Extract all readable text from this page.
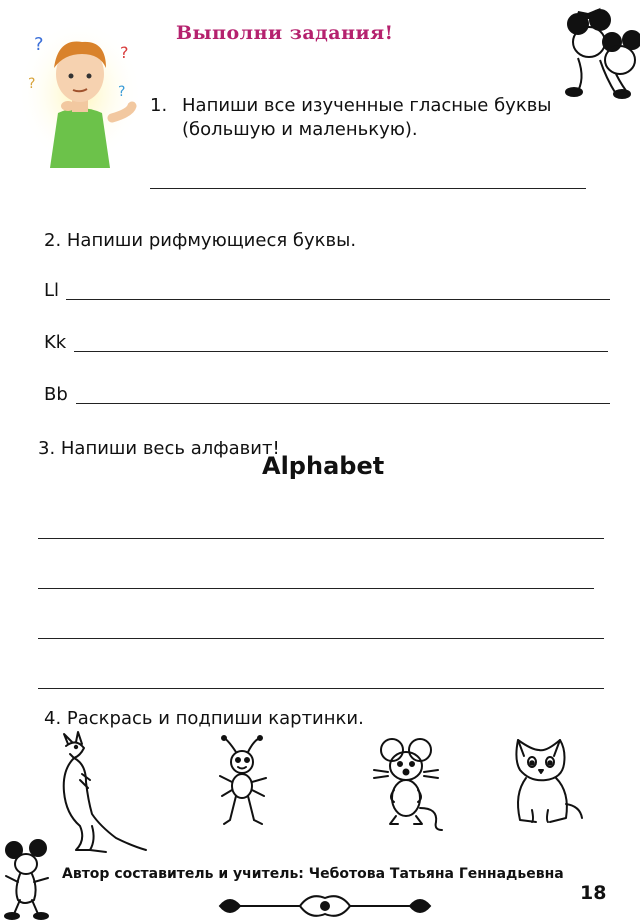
?	?
?	?
Выполни задания!
1. Напиши все изученные гласные буквы (большую и маленькую).
2. Напиши рифмующиеся буквы.
Ll
Kk
Bb
3. Напиши весь алфавит!
Alphabet
4. Раскрась и подпиши картинки.
Автор составитель и учитель: Чеботова Татьяна Геннадьевна
18
